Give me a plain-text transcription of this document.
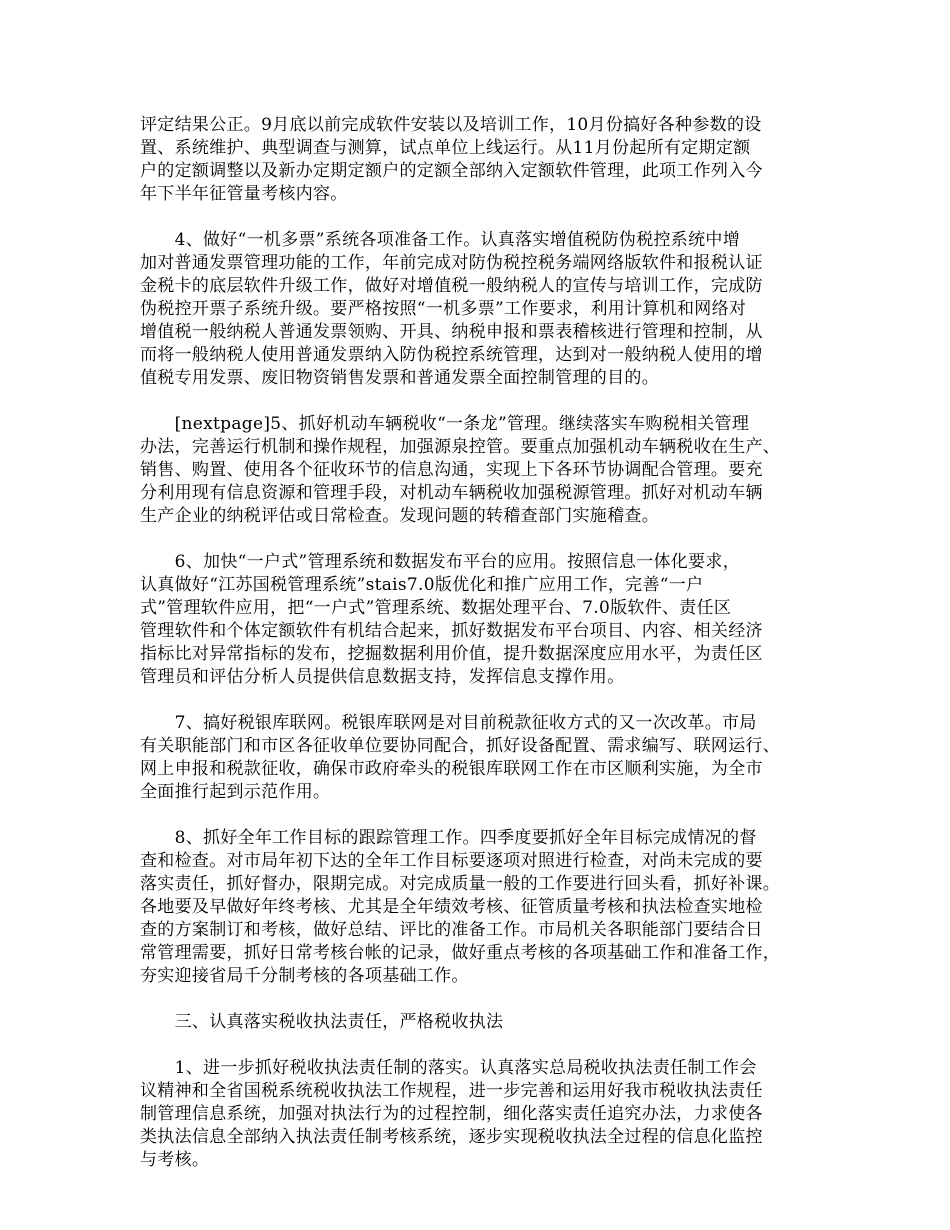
评定结果公正。9月底以前完成软件安装以及培训工作，10月份搞好各种参数的设
置、系统维护、典型调查与测算，试点单位上线运行。从11月份起所有定期定额
户的定额调整以及新办定期定额户的定额全部纳入定额软件管理，此项工作列入今
年下半年征管量考核内容。
　　4、做好“一机多票”系统各项准备工作。认真落实增值税防伪税控系统中增
加对普通发票管理功能的工作，年前完成对防伪税控税务端网络版软件和报税认证
金税卡的底层软件升级工作，做好对增值税一般纳税人的宣传与培训工作，完成防
伪税控开票子系统升级。要严格按照“一机多票”工作要求，利用计算机和网络对
增值税一般纳税人普通发票领购、开具、纳税申报和票表稽核进行管理和控制，从
而将一般纳税人使用普通发票纳入防伪税控系统管理，达到对一般纳税人使用的增
值税专用发票、废旧物资销售发票和普通发票全面控制管理的目的。
　　[nextpage]5、抓好机动车辆税收“一条龙”管理。继续落实车购税相关管理
办法，完善运行机制和操作规程，加强源泉控管。要重点加强机动车辆税收在生产、
销售、购置、使用各个征收环节的信息沟通，实现上下各环节协调配合管理。要充
分利用现有信息资源和管理手段，对机动车辆税收加强税源管理。抓好对机动车辆
生产企业的纳税评估或日常检查。发现问题的转稽查部门实施稽查。
　　6、加快“一户式”管理系统和数据发布平台的应用。按照信息一体化要求，
认真做好“江苏国税管理系统”stais7.0版优化和推广应用工作，完善“一户
式”管理软件应用，把“一户式”管理系统、数据处理平台、7.0版软件、责任区
管理软件和个体定额软件有机结合起来，抓好数据发布平台项目、内容、相关经济
指标比对异常指标的发布，挖掘数据利用价值，提升数据深度应用水平，为责任区
管理员和评估分析人员提供信息数据支持，发挥信息支撑作用。
　　7、搞好税银库联网。税银库联网是对目前税款征收方式的又一次改革。市局
有关职能部门和市区各征收单位要协同配合，抓好设备配置、需求编写、联网运行、
网上申报和税款征收，确保市政府牵头的税银库联网工作在市区顺利实施，为全市
全面推行起到示范作用。
　　8、抓好全年工作目标的跟踪管理工作。四季度要抓好全年目标完成情况的督
查和检查。对市局年初下达的全年工作目标要逐项对照进行检查，对尚未完成的要
落实责任，抓好督办，限期完成。对完成质量一般的工作要进行回头看，抓好补课。
各地要及早做好年终考核、尤其是全年绩效考核、征管质量考核和执法检查实地检
查的方案制订和考核，做好总结、评比的准备工作。市局机关各职能部门要结合日
常管理需要，抓好日常考核台帐的记录，做好重点考核的各项基础工作和准备工作，
夯实迎接省局千分制考核的各项基础工作。
　　三、认真落实税收执法责任，严格税收执法
　　1、进一步抓好税收执法责任制的落实。认真落实总局税收执法责任制工作会
议精神和全省国税系统税收执法工作规程，进一步完善和运用好我市税收执法责任
制管理信息系统，加强对执法行为的过程控制，细化落实责任追究办法，力求使各
类执法信息全部纳入执法责任制考核系统，逐步实现税收执法全过程的信息化监控
与考核。
